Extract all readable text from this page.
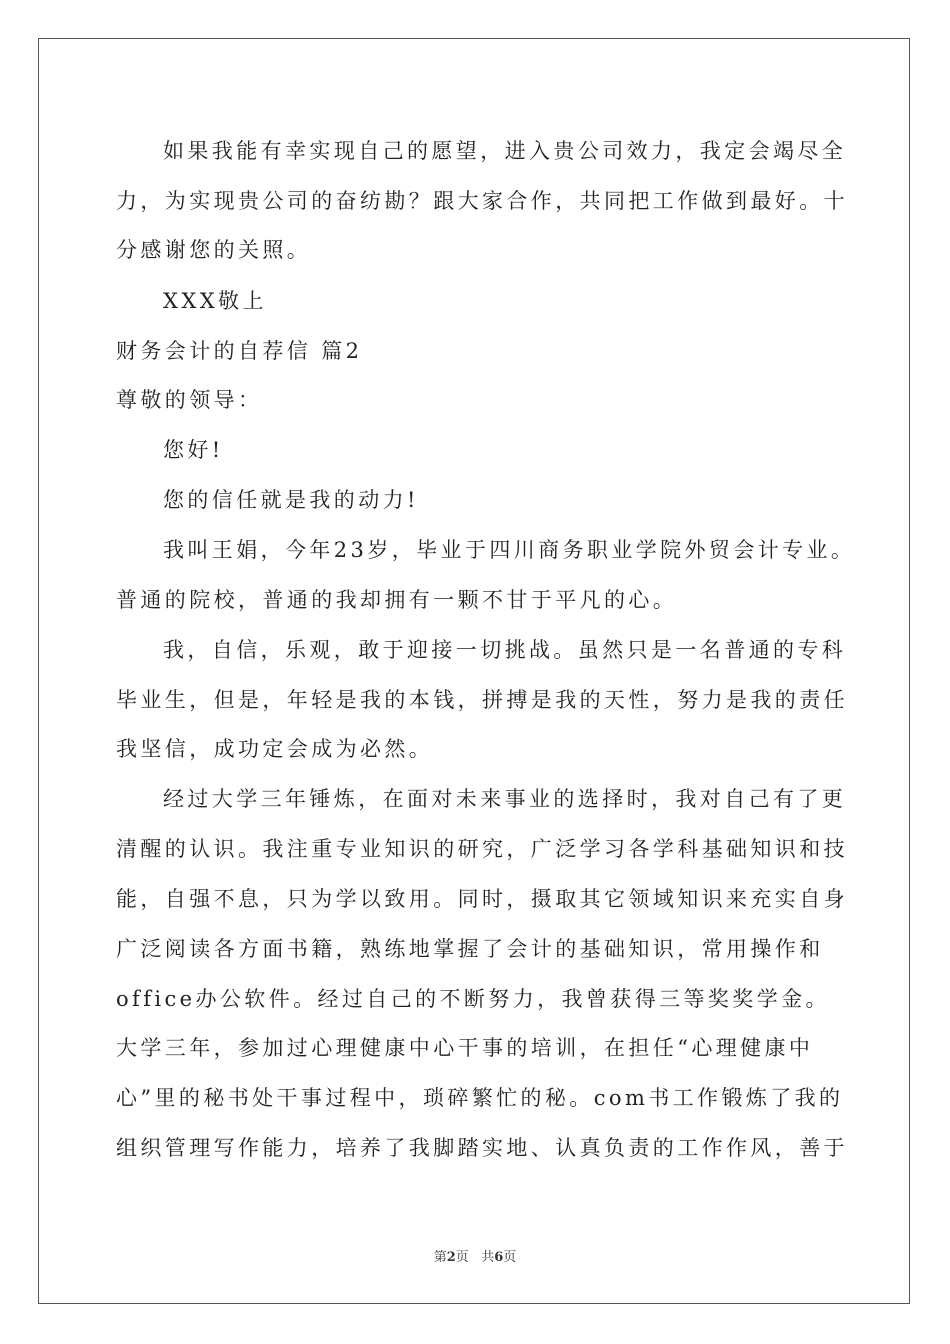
如果我能有幸实现自己的愿望，进入贵公司效力，我定会竭尽全
力，为实现贵公司的奋纺勘？跟大家合作，共同把工作做到最好。十
分感谢您的关照。
XXX敬上
财务会计的自荐信 篇2
尊敬的领导：
您好!
您的信任就是我的动力!
我叫王娟，今年23岁，毕业于四川商务职业学院外贸会计专业。
普通的院校，普通的我却拥有一颗不甘于平凡的心。
我，自信，乐观，敢于迎接一切挑战。虽然只是一名普通的专科
毕业生，但是，年轻是我的本钱，拼搏是我的天性，努力是我的责任
我坚信，成功定会成为必然。
经过大学三年锤炼，在面对未来事业的选择时，我对自己有了更
清醒的认识。我注重专业知识的研究，广泛学习各学科基础知识和技
能，自强不息，只为学以致用。同时，摄取其它领域知识来充实自身
广泛阅读各方面书籍，熟练地掌握了会计的基础知识，常用操作和
office办公软件。经过自己的不断努力，我曾获得三等奖奖学金。
大学三年，参加过心理健康中心干事的培训，在担任“心理健康中
心”里的秘书处干事过程中，琐碎繁忙的秘。com书工作锻炼了我的
组织管理写作能力，培养了我脚踏实地、认真负责的工作作风，善于
第2页 共6页
